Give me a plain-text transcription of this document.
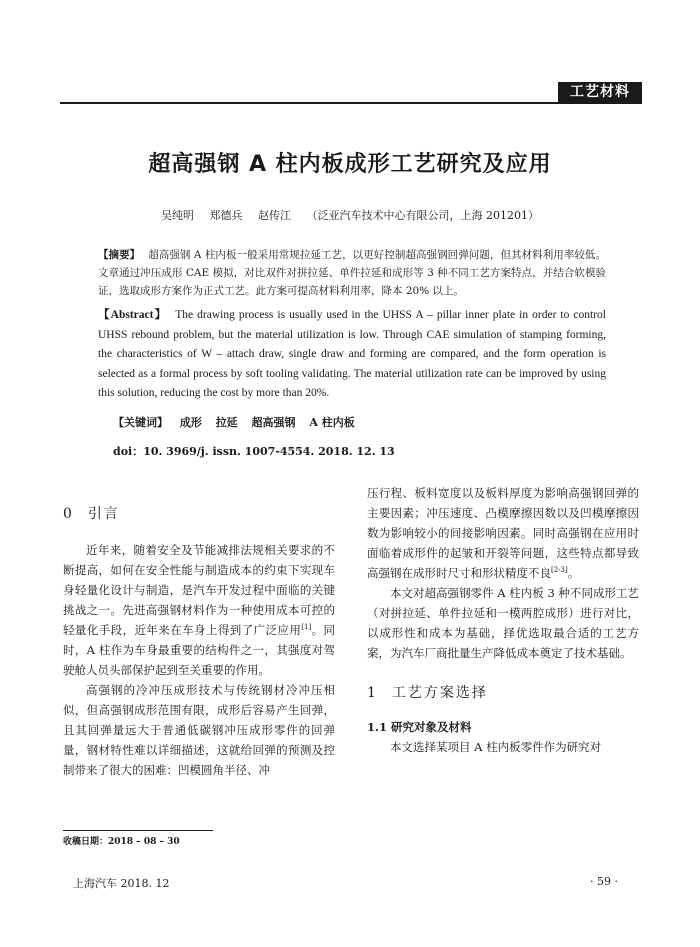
工艺材料
超高强钢 A 柱内板成形工艺研究及应用
吴纯明 郑德兵 赵传江 （泛亚汽车技术中心有限公司，上海 201201）
【摘要】 超高强钢 A 柱内板一般采用常规拉延工艺，以更好控制超高强钢回弹问题，但其材料利用率较低。文章通过冲压成形 CAE 模拟，对比双件对拼拉延、单件拉延和成形等 3 种不同工艺方案特点，并结合软模验证，选取成形方案作为正式工艺。此方案可提高材料利用率，降本 20% 以上。
【Abstract】 The drawing process is usually used in the UHSS A – pillar inner plate in order to control UHSS rebound problem, but the material utilization is low. Through CAE simulation of stamping forming, the characteristics of W – attach draw, single draw and forming are compared, and the form operation is selected as a formal process by soft tooling validating. The material utilization rate can be improved by using this solution, reducing the cost by more than 20%.
【关键词】 成形 拉延 超高强钢 A 柱内板
doi：10. 3969/j. issn. 1007-4554. 2018. 12. 13
0 引言

近年来，随着安全及节能减排法规相关要求的不断提高，如何在安全性能与制造成本的约束下实现车身轻量化设计与制造，是汽车开发过程中面临的关键挑战之一。先进高强钢材料作为一种使用成本可控的轻量化手段，近年来在车身上得到了广泛应用[1]。同时，A 柱作为车身最重要的结构件之一，其强度对驾驶舱人员头部保护起到至关重要的作用。

高强钢的冷冲压成形技术与传统钢材冷冲压相似，但高强钢成形范围有限，成形后容易产生回弹，且其回弹量远大于普通低碳钢冲压成形零件的回弹量，钢材特性难以详细描述，这就给回弹的预测及控制带来了很大的困难：凹模圆角半径、冲

压行程、板料宽度以及板料厚度为影响高强钢回弹的主要因素；冲压速度、凸模摩擦因数以及凹模摩擦因数为影响较小的间接影响因素。同时高强钢在应用时面临着成形件的起皱和开裂等问题，这些特点都导致高强钢在成形时尺寸和形状精度不良[2-3]。

本文对超高强钢零件 A 柱内板 3 种不同成形工艺（对拼拉延、单件拉延和一模两腔成形）进行对比，以成形性和成本为基础，择优选取最合适的工艺方案，为汽车厂商批量生产降低成本奠定了技术基础。

1 工艺方案选择
1.1 研究对象及材料

本文选择某项目 A 柱内板零件作为研究对

收稿日期：2018 – 08 – 30
上海汽车 2018. 12	· 59 ·
